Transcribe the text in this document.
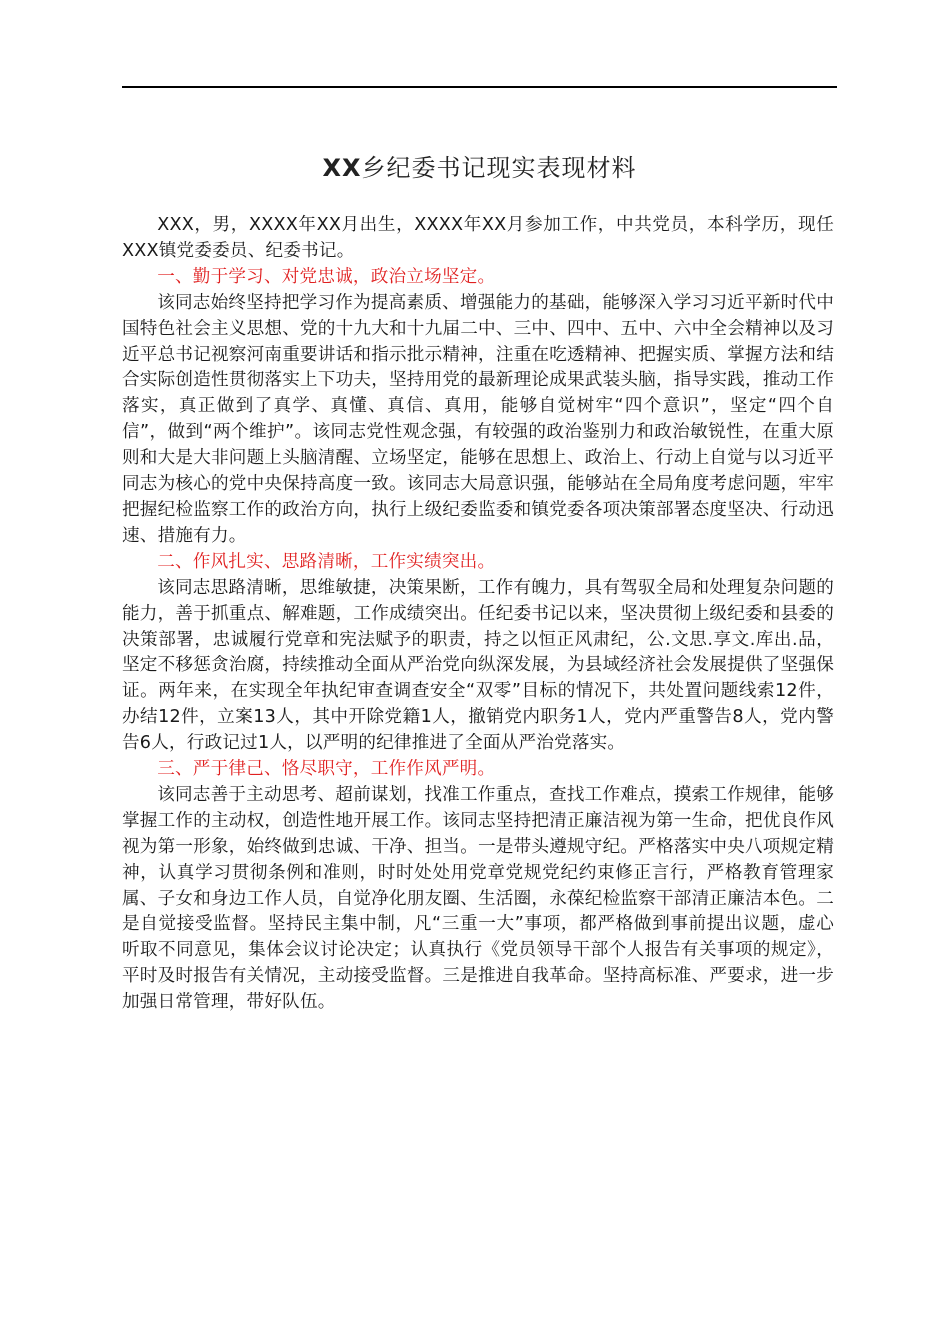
XX乡纪委书记现实表现材料

XXX，男，XXXX年XX月出生，XXXX年XX月参加工作，中共党员，本科学历，现任XXX镇党委委员、纪委书记。

一、勤于学习、对党忠诚，政治立场坚定。

该同志始终坚持把学习作为提高素质、增强能力的基础，能够深入学习习近平新时代中国特色社会主义思想、党的十九大和十九届二中、三中、四中、五中、六中全会精神以及习近平总书记视察河南重要讲话和指示批示精神，注重在吃透精神、把握实质、掌握方法和结合实际创造性贯彻落实上下功夫，坚持用党的最新理论成果武装头脑，指导实践，推动工作落实，真正做到了真学、真懂、真信、真用，能够自觉树牢“四个意识”，坚定“四个自信”，做到“两个维护”。该同志党性观念强，有较强的政治鉴别力和政治敏锐性，在重大原则和大是大非问题上头脑清醒、立场坚定，能够在思想上、政治上、行动上自觉与以习近平同志为核心的党中央保持高度一致。该同志大局意识强，能够站在全局角度考虑问题，牢牢把握纪检监察工作的政治方向，执行上级纪委监委和镇党委各项决策部署态度坚决、行动迅速、措施有力。

二、作风扎实、思路清晰，工作实绩突出。

该同志思路清晰，思维敏捷，决策果断，工作有魄力，具有驾驭全局和处理复杂问题的能力，善于抓重点、解难题，工作成绩突出。任纪委书记以来，坚决贯彻上级纪委和县委的决策部署，忠诚履行党章和宪法赋予的职责，持之以恒正风肃纪，公.文思.享文.库出.品，坚定不移惩贪治腐，持续推动全面从严治党向纵深发展，为县域经济社会发展提供了坚强保证。两年来，在实现全年执纪审查调查安全“双零”目标的情况下，共处置问题线索12件，办结12件，立案13人，其中开除党籍1人，撤销党内职务1人，党内严重警告8人，党内警告6人，行政记过1人，以严明的纪律推进了全面从严治党落实。

三、严于律己、恪尽职守，工作作风严明。

该同志善于主动思考、超前谋划，找准工作重点，查找工作难点，摸索工作规律，能够掌握工作的主动权，创造性地开展工作。该同志坚持把清正廉洁视为第一生命，把优良作风视为第一形象，始终做到忠诚、干净、担当。一是带头遵规守纪。严格落实中央八项规定精神，认真学习贯彻条例和准则，时时处处用党章党规党纪约束修正言行，严格教育管理家属、子女和身边工作人员，自觉净化朋友圈、生活圈，永葆纪检监察干部清正廉洁本色。二是自觉接受监督。坚持民主集中制，凡“三重一大”事项，都严格做到事前提出议题，虚心听取不同意见，集体会议讨论决定；认真执行《党员领导干部个人报告有关事项的规定》，平时及时报告有关情况，主动接受监督。三是推进自我革命。坚持高标准、严要求，进一步加强日常管理，带好队伍。
